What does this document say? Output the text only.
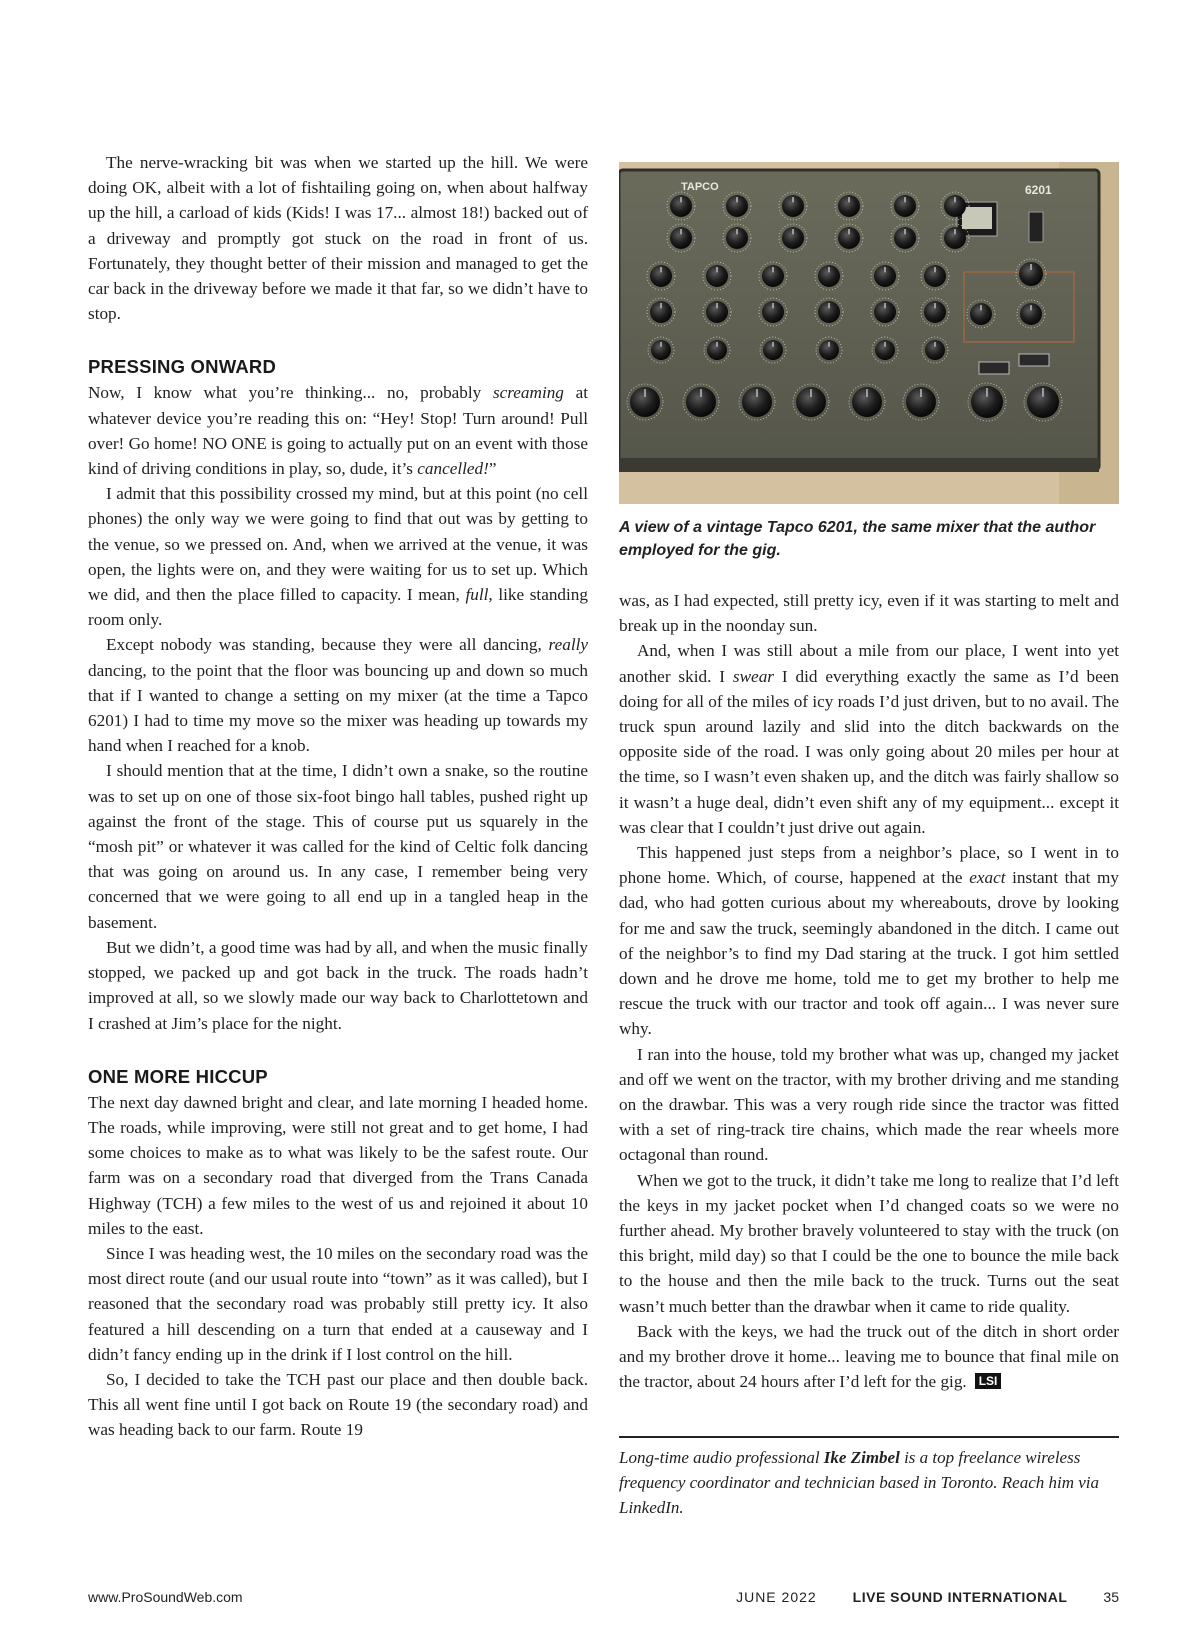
The nerve-wracking bit was when we started up the hill. We were doing OK, albeit with a lot of fishtailing going on, when about halfway up the hill, a carload of kids (Kids! I was 17... almost 18!) backed out of a driveway and promptly got stuck on the road in front of us. Fortunately, they thought better of their mission and managed to get the car back in the driveway before we made it that far, so we didn’t have to stop.

PRESSING ONWARD

Now, I know what you’re thinking... no, probably screaming at whatever device you’re reading this on: “Hey! Stop! Turn around! Pull over! Go home! NO ONE is going to actually put on an event with those kind of driving conditions in play, so, dude, it’s cancelled!”

I admit that this possibility crossed my mind, but at this point (no cell phones) the only way we were going to find that out was by getting to the venue, so we pressed on. And, when we arrived at the venue, it was open, the lights were on, and they were waiting for us to set up. Which we did, and then the place filled to capacity. I mean, full, like standing room only.

Except nobody was standing, because they were all dancing, really dancing, to the point that the floor was bouncing up and down so much that if I wanted to change a setting on my mixer (at the time a Tapco 6201) I had to time my move so the mixer was heading up towards my hand when I reached for a knob.

I should mention that at the time, I didn’t own a snake, so the routine was to set up on one of those six-foot bingo hall tables, pushed right up against the front of the stage. This of course put us squarely in the “mosh pit” or whatever it was called for the kind of Celtic folk dancing that was going on around us. In any case, I remember being very concerned that we were going to all end up in a tangled heap in the basement.

But we didn’t, a good time was had by all, and when the music finally stopped, we packed up and got back in the truck. The roads hadn’t improved at all, so we slowly made our way back to Charlottetown and I crashed at Jim’s place for the night.

ONE MORE HICCUP

The next day dawned bright and clear, and late morning I headed home. The roads, while improving, were still not great and to get home, I had some choices to make as to what was likely to be the safest route. Our farm was on a secondary road that diverged from the Trans Canada Highway (TCH) a few miles to the west of us and rejoined it about 10 miles to the east.

Since I was heading west, the 10 miles on the secondary road was the most direct route (and our usual route into “town” as it was called), but I reasoned that the secondary road was probably still pretty icy. It also featured a hill descending on a turn that ended at a causeway and I didn’t fancy ending up in the drink if I lost control on the hill.

So, I decided to take the TCH past our place and then double back. This all went fine until I got back on Route 19 (the secondary road) and was heading back to our farm. Route 19

TAPCO	6201
A view of a vintage Tapco 6201, the same mixer that the author employed for the gig.

was, as I had expected, still pretty icy, even if it was starting to melt and break up in the noonday sun.

And, when I was still about a mile from our place, I went into yet another skid. I swear I did everything exactly the same as I’d been doing for all of the miles of icy roads I’d just driven, but to no avail. The truck spun around lazily and slid into the ditch backwards on the opposite side of the road. I was only going about 20 miles per hour at the time, so I wasn’t even shaken up, and the ditch was fairly shallow so it wasn’t a huge deal, didn’t even shift any of my equipment... except it was clear that I couldn’t just drive out again.

This happened just steps from a neighbor’s place, so I went in to phone home. Which, of course, happened at the exact instant that my dad, who had gotten curious about my whereabouts, drove by looking for me and saw the truck, seemingly abandoned in the ditch. I came out of the neighbor’s to find my Dad staring at the truck. I got him settled down and he drove me home, told me to get my brother to help me rescue the truck with our tractor and took off again... I was never sure why.

I ran into the house, told my brother what was up, changed my jacket and off we went on the tractor, with my brother driving and me standing on the drawbar. This was a very rough ride since the tractor was fitted with a set of ring-track tire chains, which made the rear wheels more octagonal than round.

When we got to the truck, it didn’t take me long to realize that I’d left the keys in my jacket pocket when I’d changed coats so we were no further ahead. My brother bravely volunteered to stay with the truck (on this bright, mild day) so that I could be the one to bounce the mile back to the house and then the mile back to the truck. Turns out the seat wasn’t much better than the drawbar when it came to ride quality.

Back with the keys, we had the truck out of the ditch in short order and my brother drove it home... leaving me to bounce that final mile on the tractor, about 24 hours after I’d left for the gig. LSI

Long-time audio professional Ike Zimbel is a top freelance wireless frequency coordinator and technician based in Toronto. Reach him via LinkedIn.
www.ProSoundWeb.com	JUNE 2022	LIVE SOUND INTERNATIONAL	35
